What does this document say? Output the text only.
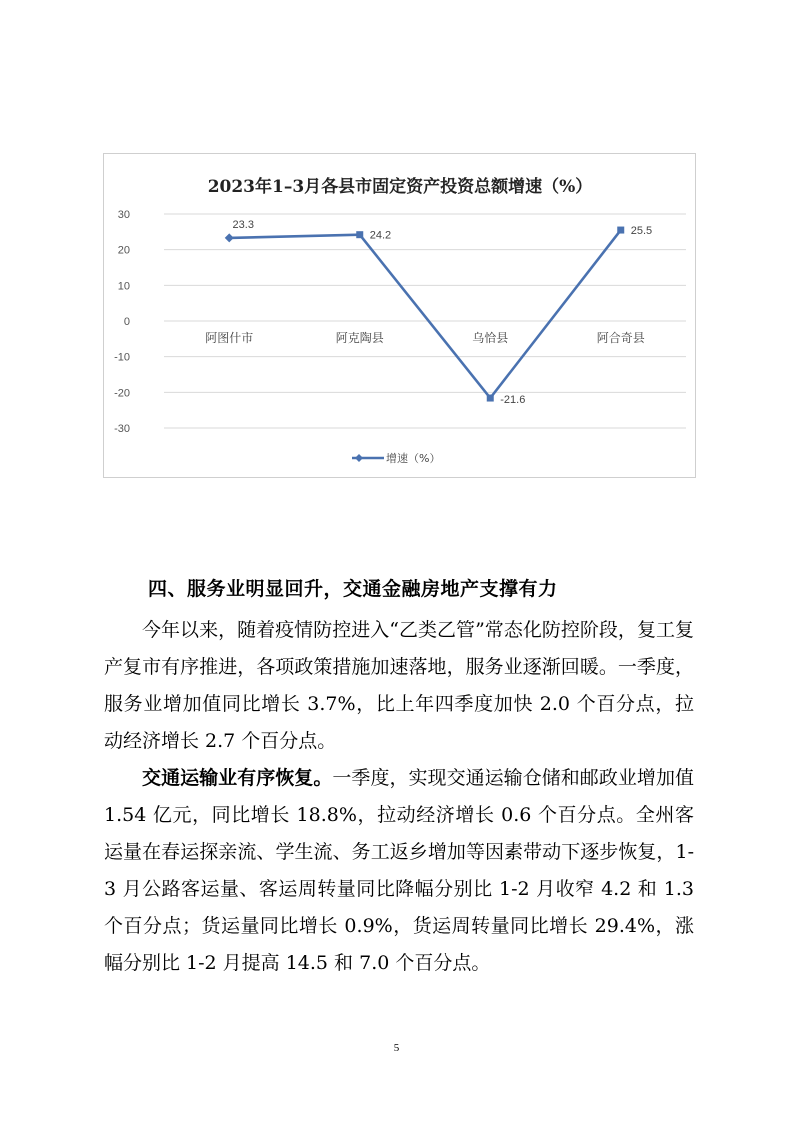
2023年1–3月各县市固定资产投资总额增速（%）
30
20
10
0
-10
-20
-30
阿图什市	阿克陶县	乌恰县	阿合奇县
23.3
24.2
-21.6
25.5
增速（%）
四、服务业明显回升，交通金融房地产支撑有力
今年以来，随着疫情防控进入“乙类乙管”常态化防控阶段，复工复产复市有序推进，各项政策措施加速落地，服务业逐渐回暖。一季度，服务业增加值同比增长 3.7%，比上年四季度加快 2.0 个百分点，拉动经济增长 2.7 个百分点。
交通运输业有序恢复。一季度，实现交通运输仓储和邮政业增加值 1.54 亿元，同比增长 18.8%，拉动经济增长 0.6 个百分点。全州客运量在春运探亲流、学生流、务工返乡增加等因素带动下逐步恢复，1-3 月公路客运量、客运周转量同比降幅分别比 1-2 月收窄 4.2 和 1.3 个百分点；货运量同比增长 0.9%，货运周转量同比增长 29.4%，涨幅分别比 1-2 月提高 14.5 和 7.0 个百分点。
5
